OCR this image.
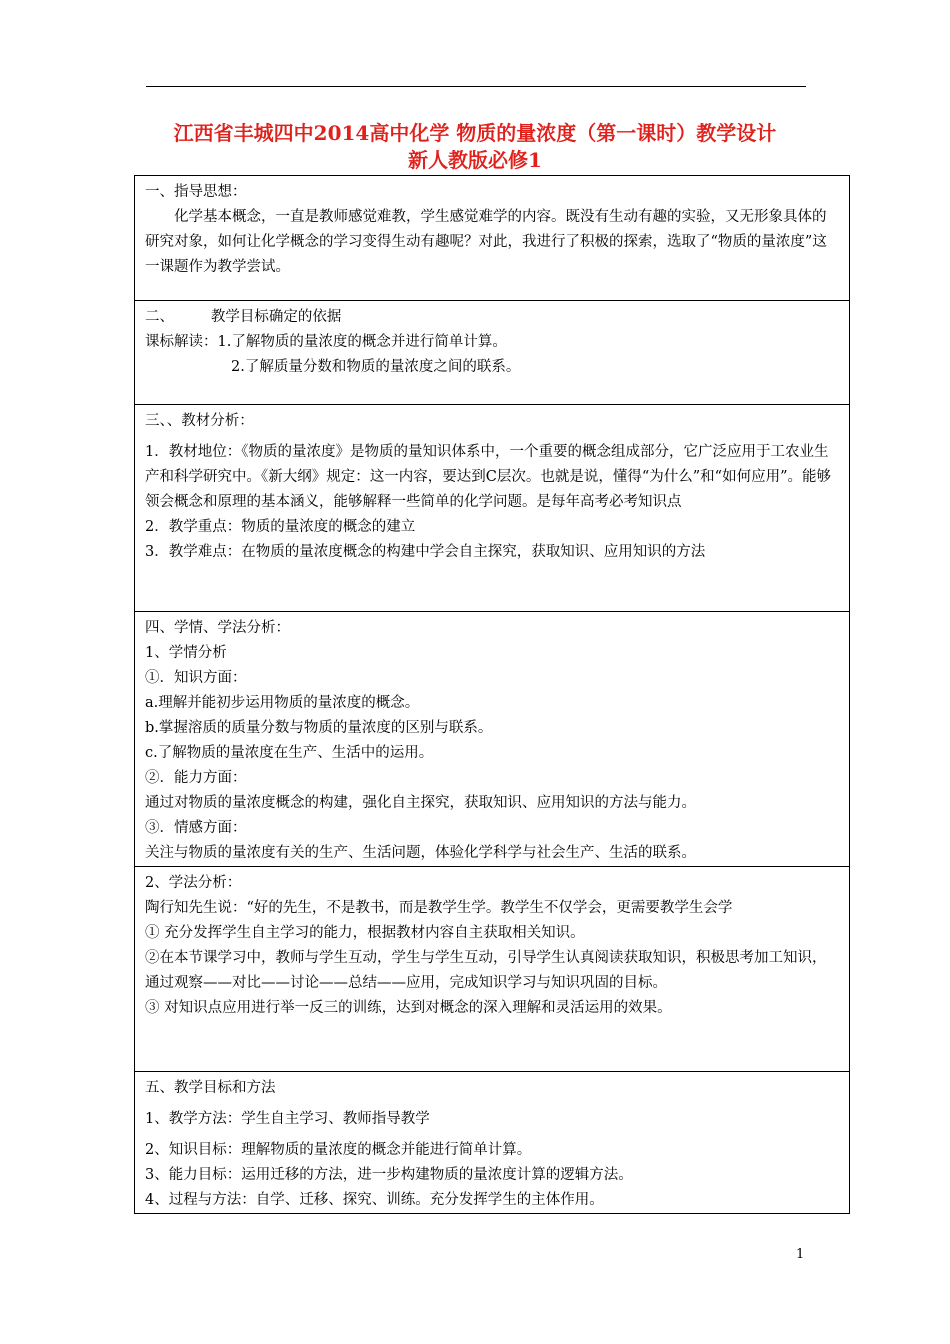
江西省丰城四中2014高中化学 物质的量浓度（第一课时）教学设计
新人教版必修1

一、指导思想：

化学基本概念，一直是教师感觉难教，学生感觉难学的内容。既没有生动有趣的实验，又无形象具体的研究对象，如何让化学概念的学习变得生动有趣呢？对此，我进行了积极的探索，选取了“物质的量浓度”这一课题作为教学尝试。

二、        教学目标确定的依据

课标解读：1.了解物质的量浓度的概念并进行简单计算。

2.了解质量分数和物质的量浓度之间的联系。

三、、教材分析：

1．教材地位：《物质的量浓度》是物质的量知识体系中，一个重要的概念组成部分，它广泛应用于工农业生产和科学研究中。《新大纲》规定：这一内容，要达到C层次。也就是说，懂得“为什么”和“如何应用”。能够领会概念和原理的基本涵义，能够解释一些简单的化学问题。是每年高考必考知识点

2．教学重点：物质的量浓度的概念的建立

3．教学难点：在物质的量浓度概念的构建中学会自主探究，获取知识、应用知识的方法

四、学情、学法分析：

1、学情分析

①．知识方面：

a.理解并能初步运用物质的量浓度的概念。

b.掌握溶质的质量分数与物质的量浓度的区别与联系。

c.了解物质的量浓度在生产、生活中的运用。

②．能力方面：

通过对物质的量浓度概念的构建，强化自主探究，获取知识、应用知识的方法与能力。

③．情感方面：

关注与物质的量浓度有关的生产、生活问题，体验化学科学与社会生产、生活的联系。

2、学法分析：

陶行知先生说：“好的先生，不是教书，而是教学生学。教学生不仅学会，更需要教学生会学

① 充分发挥学生自主学习的能力，根据教材内容自主获取相关知识。

②在本节课学习中，教师与学生互动，学生与学生互动，引导学生认真阅读获取知识，积极思考加工知识，通过观察——对比——讨论——总结——应用，完成知识学习与知识巩固的目标。

③ 对知识点应用进行举一反三的训练，达到对概念的深入理解和灵活运用的效果。

五、教学目标和方法

1、教学方法：学生自主学习、教师指导教学

2、知识目标：理解物质的量浓度的概念并能进行简单计算。

3、能力目标：运用迁移的方法，进一步构建物质的量浓度计算的逻辑方法。

4、过程与方法：自学、迁移、探究、训练。充分发挥学生的主体作用。

1
